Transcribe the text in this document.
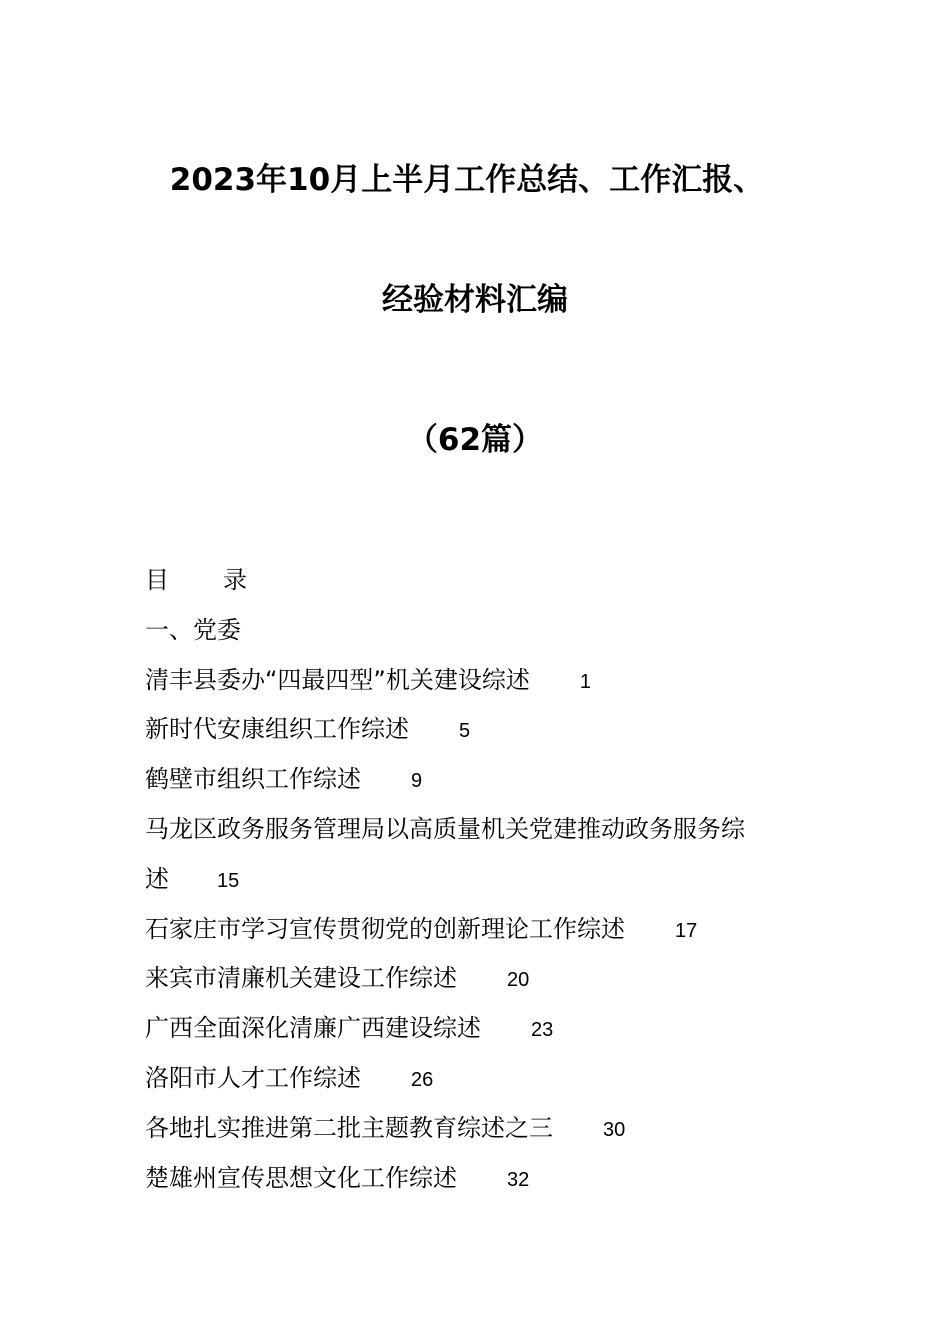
2023年10月上半月工作总结、工作汇报、
经验材料汇编
（62篇）
目 录
一、党委
清丰县委办“四最四型”机关建设综述	1
新时代安康组织工作综述	5
鹤壁市组织工作综述	9
马龙区政务服务管理局以高质量机关党建推动政务服务综
述 15
石家庄市学习宣传贯彻党的创新理论工作综述	17
来宾市清廉机关建设工作综述	20
广西全面深化清廉广西建设综述	23
洛阳市人才工作综述	26
各地扎实推进第二批主题教育综述之三	30
楚雄州宣传思想文化工作综述	32
